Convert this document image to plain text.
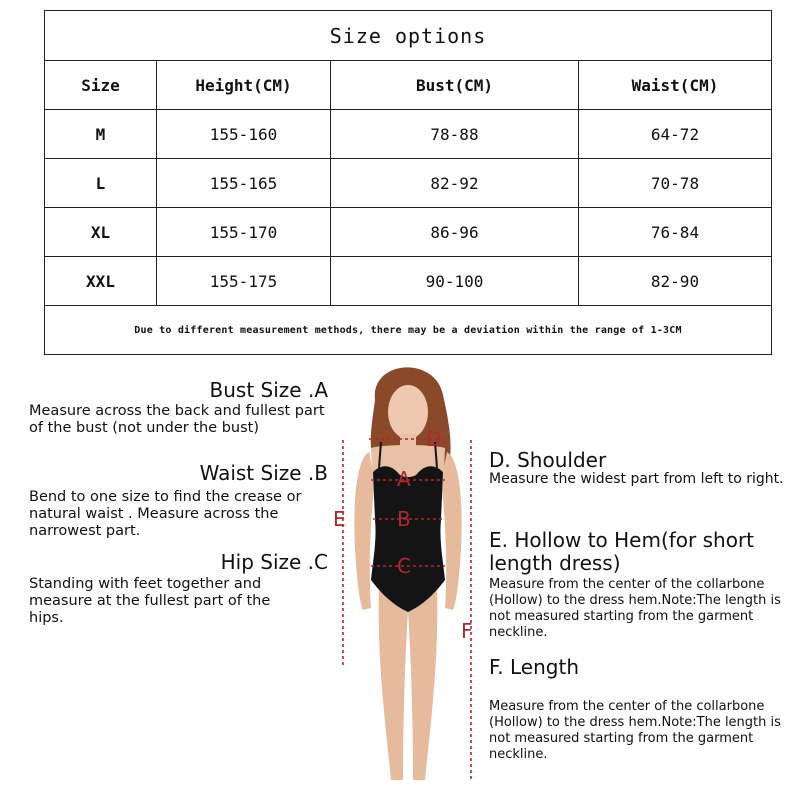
Size options			
Size	Height(CM)	Bust(CM)	Waist(CM)
M	155-160	78-88	64-72
L	155-165	82-92	70-78
XL	155-170	86-96	76-84
XXL	155-175	90-100	82-90
Due to different measurement methods, there may be a deviation within the range of 1-3CM			
Bust Size .A
Measure across the back and fullest part of the bust (not under the bust)
Waist Size .B
Bend to one size to find the crease or natural waist . Measure across the narrowest part.
Hip Size .C
Standing with feet together and measure at the fullest part of the hips.
D. Shoulder
Measure the widest part from left to right.
E. Hollow to Hem(for short length dress)
Measure from the center of the collarbone (Hollow) to the dress hem.Note:The length is not measured starting from the garment neckline.
F. Length
Measure from the center of the collarbone (Hollow) to the dress hem.Note:The length is not measured starting from the garment neckline.
D
A
B
C
E
F
